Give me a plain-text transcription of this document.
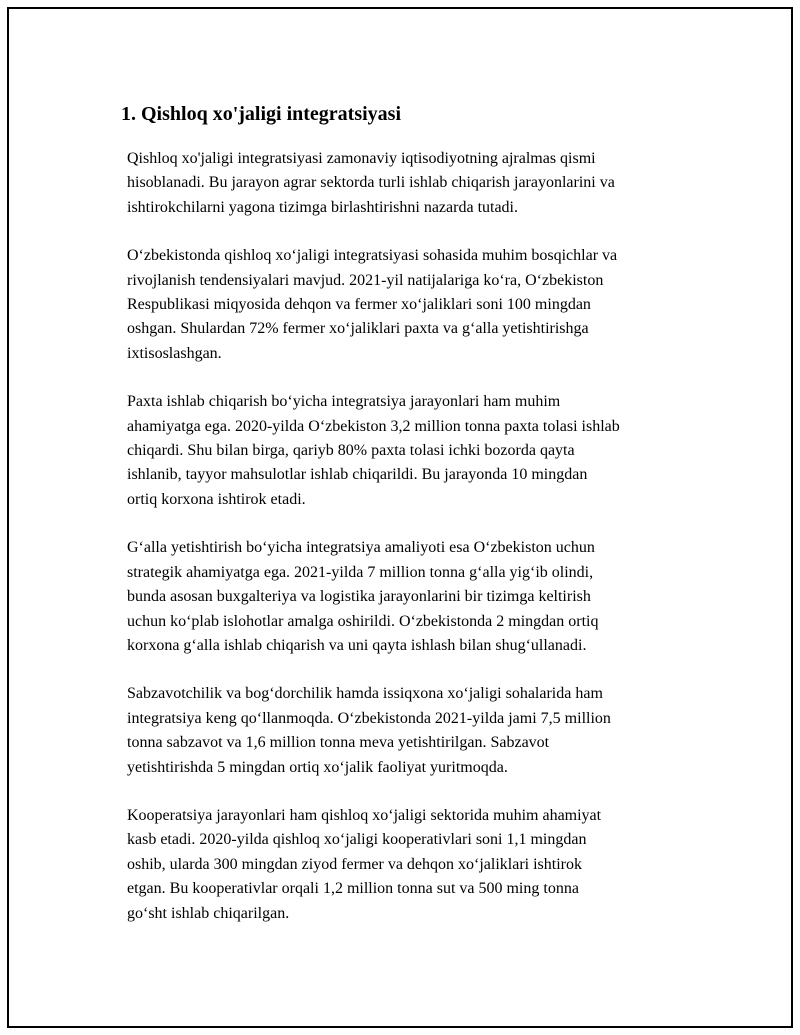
1. Qishloq xo'jaligi integratsiyasi

Qishloq xo'jaligi integratsiyasi zamonaviy iqtisodiyotning ajralmas qismi
hisoblanadi. Bu jarayon agrar sektorda turli ishlab chiqarish jarayonlarini va
ishtirokchilarni yagona tizimga birlashtirishni nazarda tutadi.

O‘zbekistonda qishloq xo‘jaligi integratsiyasi sohasida muhim bosqichlar va
rivojlanish tendensiyalari mavjud. 2021-yil natijalariga ko‘ra, O‘zbekiston
Respublikasi miqyosida dehqon va fermer xo‘jaliklari soni 100 mingdan
oshgan. Shulardan 72% fermer xo‘jaliklari paxta va g‘alla yetishtirishga
ixtisoslashgan.

Paxta ishlab chiqarish bo‘yicha integratsiya jarayonlari ham muhim
ahamiyatga ega. 2020-yilda O‘zbekiston 3,2 million tonna paxta tolasi ishlab
chiqardi. Shu bilan birga, qariyb 80% paxta tolasi ichki bozorda qayta
ishlanib, tayyor mahsulotlar ishlab chiqarildi. Bu jarayonda 10 mingdan
ortiq korxona ishtirok etadi.

G‘alla yetishtirish bo‘yicha integratsiya amaliyoti esa O‘zbekiston uchun
strategik ahamiyatga ega. 2021-yilda 7 million tonna g‘alla yig‘ib olindi,
bunda asosan buxgalteriya va logistika jarayonlarini bir tizimga keltirish
uchun ko‘plab islohotlar amalga oshirildi. O‘zbekistonda 2 mingdan ortiq
korxona g‘alla ishlab chiqarish va uni qayta ishlash bilan shug‘ullanadi.

Sabzavotchilik va bog‘dorchilik hamda issiqxona xo‘jaligi sohalarida ham
integratsiya keng qo‘llanmoqda. O‘zbekistonda 2021-yilda jami 7,5 million
tonna sabzavot va 1,6 million tonna meva yetishtirilgan. Sabzavot
yetishtirishda 5 mingdan ortiq xo‘jalik faoliyat yuritmoqda.

Kooperatsiya jarayonlari ham qishloq xo‘jaligi sektorida muhim ahamiyat
kasb etadi. 2020-yilda qishloq xo‘jaligi kooperativlari soni 1,1 mingdan
oshib, ularda 300 mingdan ziyod fermer va dehqon xo‘jaliklari ishtirok
etgan. Bu kooperativlar orqali 1,2 million tonna sut va 500 ming tonna
go‘sht ishlab chiqarilgan.
